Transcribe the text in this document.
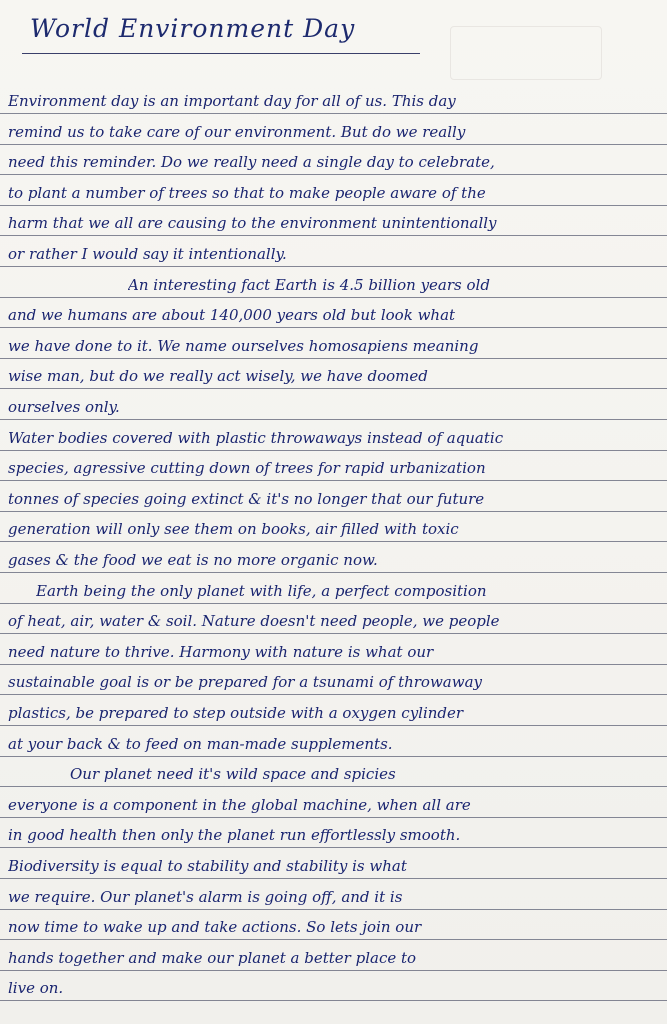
World Environment Day
Environment day is an important day for all of us. This day
remind us to take care of our environment. But do we really
need this reminder. Do we really need a single day to celebrate,
to plant a number of trees so that to make people aware of the
harm that we all are causing to the environment unintentionally
or rather I would say it intentionally.
An interesting fact Earth is 4.5 billion years old
and we humans are about 140,000 years old but look what
we have done to it. We name ourselves homosapiens meaning
wise man, but do we really act wisely, we have doomed
ourselves only.
Water bodies covered with plastic throwaways instead of aquatic
species, agressive cutting down of trees for rapid urbanization
tonnes of species going extinct & it's no longer that our future
generation will only see them on books, air filled with toxic
gases & the food we eat is no more organic now.
Earth being the only planet with life, a perfect composition
of heat, air, water & soil. Nature doesn't need people, we people
need nature to thrive. Harmony with nature is what our
sustainable goal is or be prepared for a tsunami of throwaway
plastics, be prepared to step outside with a oxygen cylinder
at your back & to feed on man-made supplements.
Our planet need it's wild space and spicies
everyone is a component in the global machine, when all are
in good health then only the planet run effortlessly smooth.
Biodiversity is equal to stability and stability is what
we require. Our planet's alarm is going off, and it is
now time to wake up and take actions. So lets join our
hands together and make our planet a better place to
live on.
